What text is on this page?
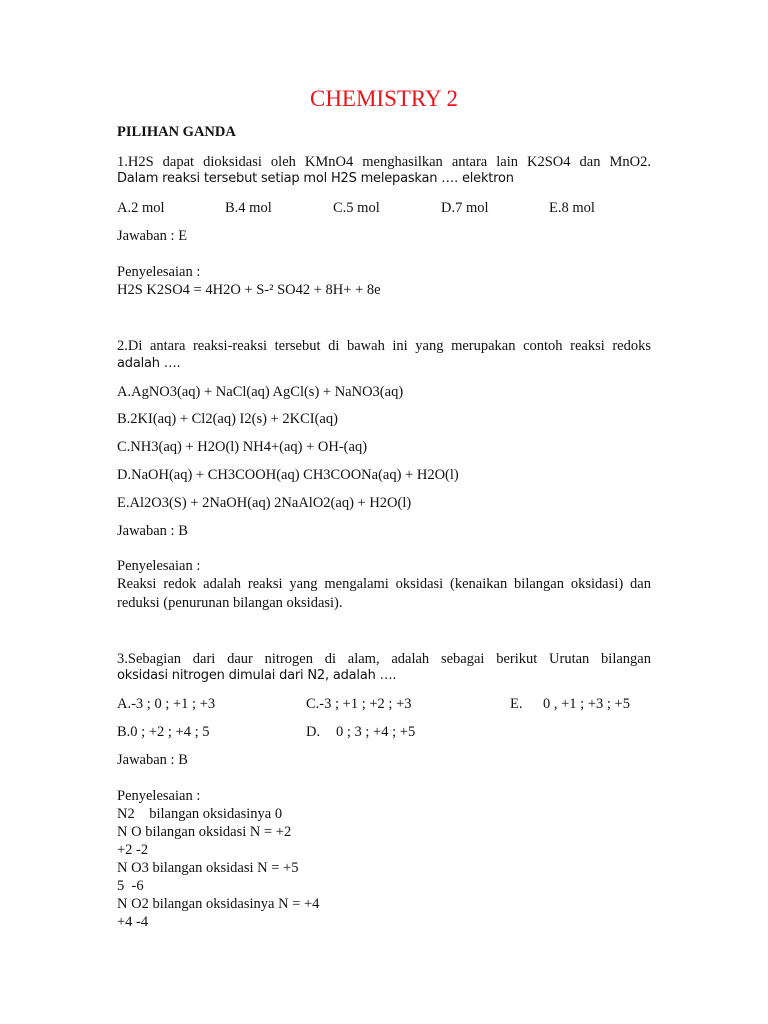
CHEMISTRY 2
PILIHAN GANDA
1.H2S dapat dioksidasi oleh KMnO4 menghasilkan antara lain K2SO4 dan MnO2.
Dalam reaksi tersebut setiap mol H2S melepaskan …. elektron
A.2 mol	B.4 mol	C.5 mol	D.7 mol	E.8 mol
Jawaban : E
Penyelesaian :
H2S K2SO4 = 4H2O + S-² SO42 + 8H+ + 8e
2.Di antara reaksi-reaksi tersebut di bawah ini yang merupakan contoh reaksi redoks
adalah ….
A.AgNO3(aq) + NaCl(aq) AgCl(s) + NaNO3(aq)
B.2KI(aq) + Cl2(aq) I2(s) + 2KCI(aq)
C.NH3(aq) + H2O(l) NH4+(aq) + OH-(aq)
D.NaOH(aq) + CH3COOH(aq) CH3COONa(aq) + H2O(l)
E.Al2O3(S) + 2NaOH(aq) 2NaAlO2(aq) + H2O(l)
Jawaban : B
Penyelesaian :
Reaksi redok adalah reaksi yang mengalami oksidasi (kenaikan bilangan oksidasi) dan
reduksi (penurunan bilangan oksidasi).
3.Sebagian dari daur nitrogen di alam, adalah sebagai berikut Urutan bilangan
oksidasi nitrogen dimulai dari N2, adalah ….
A.-3 ; 0 ; +1 ; +3	C.-3 ; +1 ; +2 ; +3	E. 0 , +1 ; +3 ; +5
B.0 ; +2 ; +4 ; 5	D. 0 ; 3 ; +4 ; +5
Jawaban : B
Penyelesaian :
N2    bilangan oksidasinya 0
N O bilangan oksidasi N = +2
+2 -2
N O3 bilangan oksidasi N = +5
5  -6
N O2 bilangan oksidasinya N = +4
+4 -4
